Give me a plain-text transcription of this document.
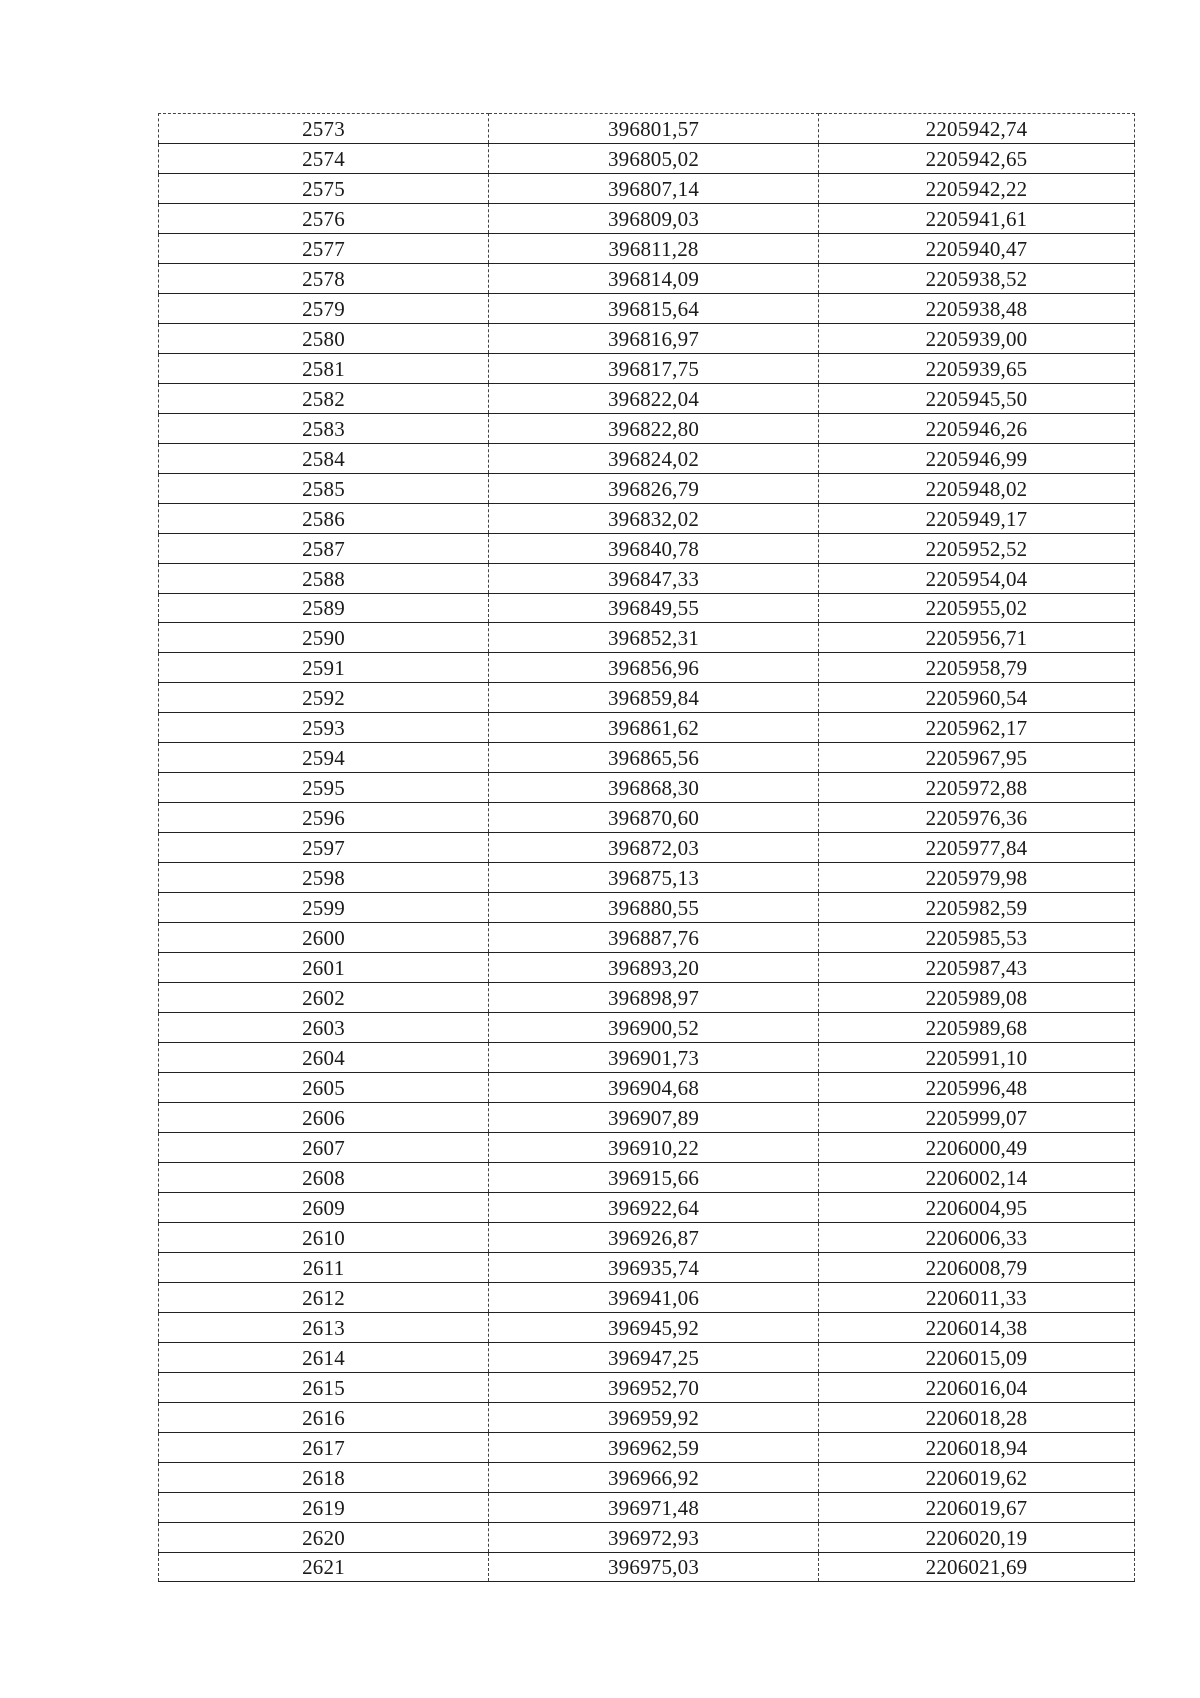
2573	396801,57	2205942,74
2574	396805,02	2205942,65
2575	396807,14	2205942,22
2576	396809,03	2205941,61
2577	396811,28	2205940,47
2578	396814,09	2205938,52
2579	396815,64	2205938,48
2580	396816,97	2205939,00
2581	396817,75	2205939,65
2582	396822,04	2205945,50
2583	396822,80	2205946,26
2584	396824,02	2205946,99
2585	396826,79	2205948,02
2586	396832,02	2205949,17
2587	396840,78	2205952,52
2588	396847,33	2205954,04
2589	396849,55	2205955,02
2590	396852,31	2205956,71
2591	396856,96	2205958,79
2592	396859,84	2205960,54
2593	396861,62	2205962,17
2594	396865,56	2205967,95
2595	396868,30	2205972,88
2596	396870,60	2205976,36
2597	396872,03	2205977,84
2598	396875,13	2205979,98
2599	396880,55	2205982,59
2600	396887,76	2205985,53
2601	396893,20	2205987,43
2602	396898,97	2205989,08
2603	396900,52	2205989,68
2604	396901,73	2205991,10
2605	396904,68	2205996,48
2606	396907,89	2205999,07
2607	396910,22	2206000,49
2608	396915,66	2206002,14
2609	396922,64	2206004,95
2610	396926,87	2206006,33
2611	396935,74	2206008,79
2612	396941,06	2206011,33
2613	396945,92	2206014,38
2614	396947,25	2206015,09
2615	396952,70	2206016,04
2616	396959,92	2206018,28
2617	396962,59	2206018,94
2618	396966,92	2206019,62
2619	396971,48	2206019,67
2620	396972,93	2206020,19
2621	396975,03	2206021,69
